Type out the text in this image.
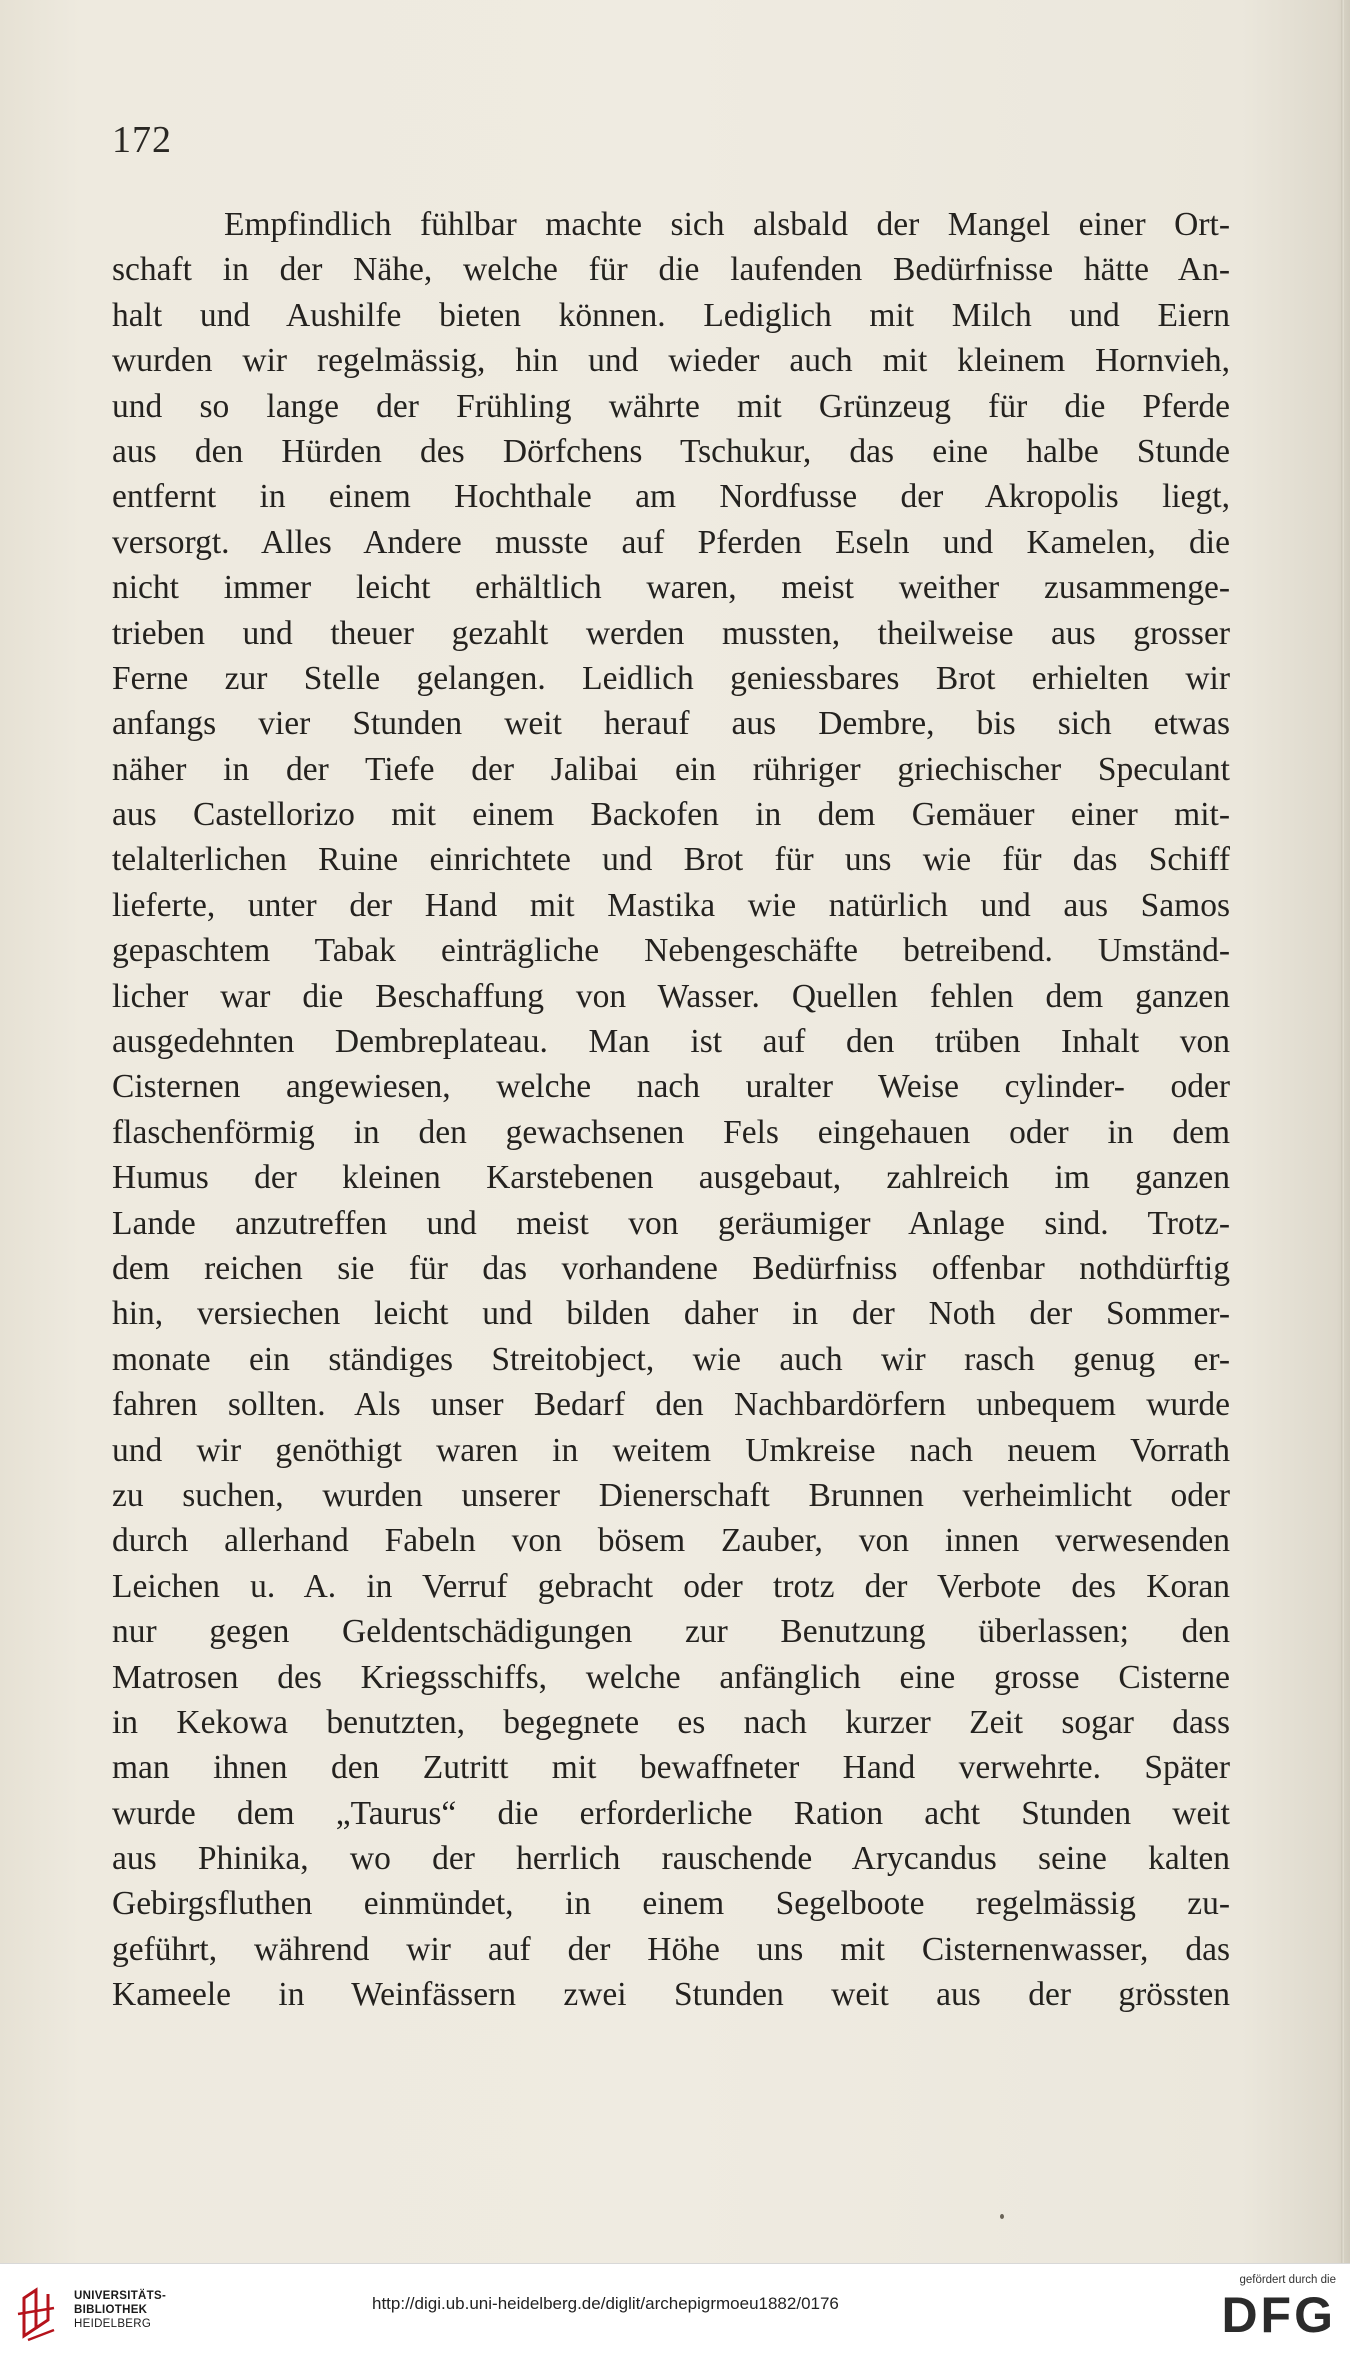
172
Empfindlich fühlbar machte sich alsbald der Mangel einer Ort-
schaft in der Nähe, welche für die laufenden Bedürfnisse hätte An-
halt und Aushilfe bieten können. Lediglich mit Milch und Eiern
wurden wir regelmässig, hin und wieder auch mit kleinem Hornvieh,
und so lange der Frühling währte mit Grünzeug für die Pferde
aus den Hürden des Dörfchens Tschukur, das eine halbe Stunde
entfernt in einem Hochthale am Nordfusse der Akropolis liegt,
versorgt. Alles Andere musste auf Pferden Eseln und Kamelen, die
nicht immer leicht erhältlich waren, meist weither zusammenge-
trieben und theuer gezahlt werden mussten, theilweise aus grosser
Ferne zur Stelle gelangen. Leidlich geniessbares Brot erhielten wir
anfangs vier Stunden weit herauf aus Dembre, bis sich etwas
näher in der Tiefe der Jalibai ein rühriger griechischer Speculant
aus Castellorizo mit einem Backofen in dem Gemäuer einer mit-
telalterlichen Ruine einrichtete und Brot für uns wie für das Schiff
lieferte, unter der Hand mit Mastika wie natürlich und aus Samos
gepaschtem Tabak einträgliche Nebengeschäfte betreibend. Umständ-
licher war die Beschaffung von Wasser. Quellen fehlen dem ganzen
ausgedehnten Dembreplateau. Man ist auf den trüben Inhalt von
Cisternen angewiesen, welche nach uralter Weise cylinder- oder
flaschenförmig in den gewachsenen Fels eingehauen oder in dem
Humus der kleinen Karstebenen ausgebaut, zahlreich im ganzen
Lande anzutreffen und meist von geräumiger Anlage sind. Trotz-
dem reichen sie für das vorhandene Bedürfniss offenbar nothdürftig
hin, versiechen leicht und bilden daher in der Noth der Sommer-
monate ein ständiges Streitobject, wie auch wir rasch genug er-
fahren sollten. Als unser Bedarf den Nachbardörfern unbequem wurde
und wir genöthigt waren in weitem Umkreise nach neuem Vorrath
zu suchen, wurden unserer Dienerschaft Brunnen verheimlicht oder
durch allerhand Fabeln von bösem Zauber, von innen verwesenden
Leichen u. A. in Verruf gebracht oder trotz der Verbote des Koran
nur gegen Geldentschädigungen zur Benutzung überlassen; den
Matrosen des Kriegsschiffs, welche anfänglich eine grosse Cisterne
in Kekowa benutzten, begegnete es nach kurzer Zeit sogar dass
man ihnen den Zutritt mit bewaffneter Hand verwehrte. Später
wurde dem „Taurus“ die erforderliche Ration acht Stunden weit
aus Phinika, wo der herrlich rauschende Arycandus seine kalten
Gebirgsfluthen einmündet, in einem Segelboote regelmässig zu-
geführt, während wir auf der Höhe uns mit Cisternenwasser, das
Kameele in Weinfässern zwei Stunden weit aus der grössten
UNIVERSITÄTS-
BIBLIOTHEK
HEIDELBERG
http://digi.ub.uni-heidelberg.de/diglit/archepigrmoeu1882/0176
gefördert durch die
DFG
